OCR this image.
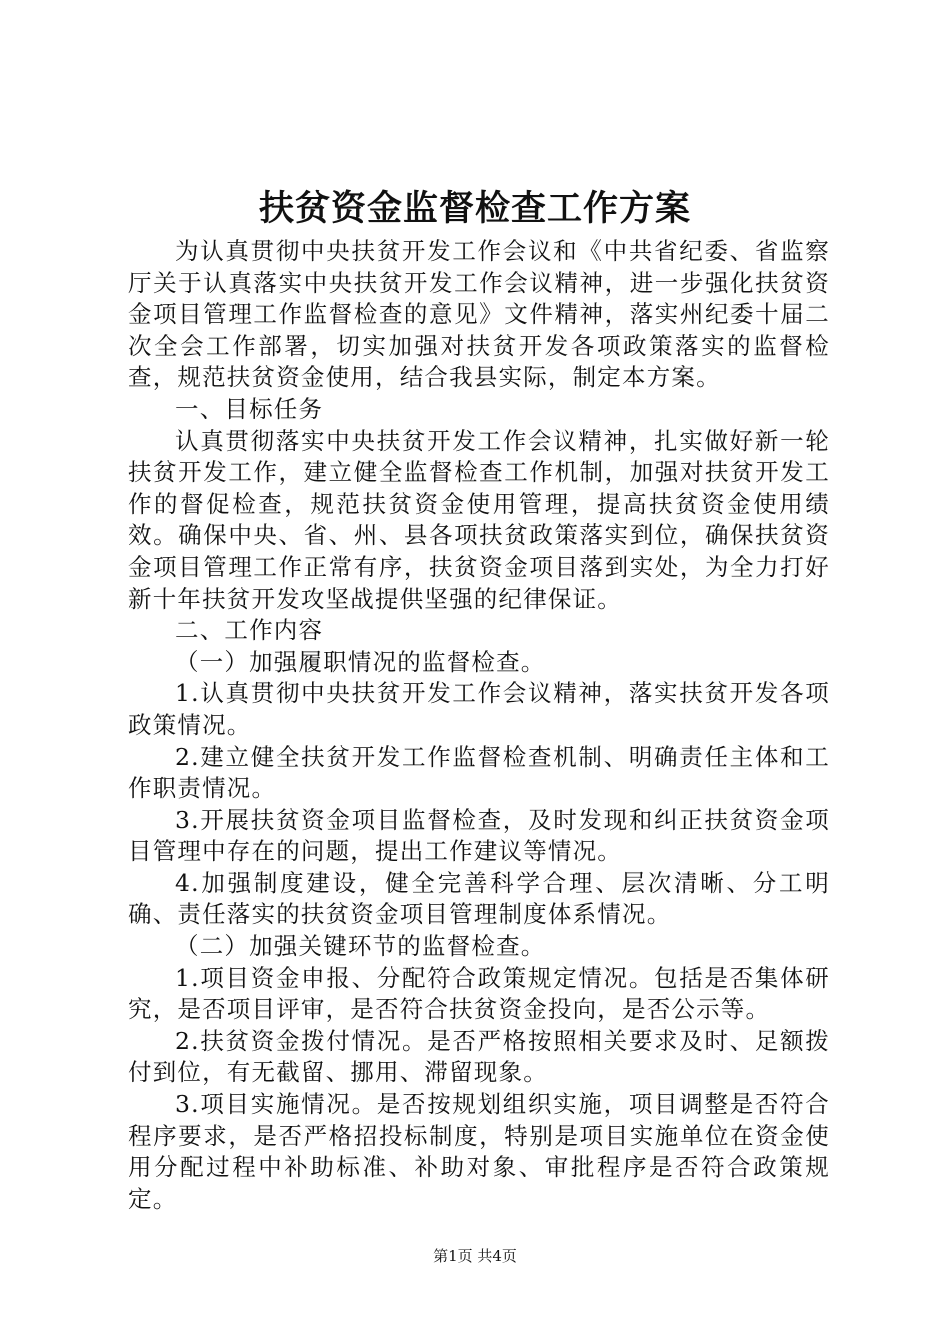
扶贫资金监督检查工作方案

为认真贯彻中央扶贫开发工作会议和《中共省纪委、省监察厅关于认真落实中央扶贫开发工作会议精神，进一步强化扶贫资金项目管理工作监督检查的意见》文件精神，落实州纪委十届二次全会工作部署，切实加强对扶贫开发各项政策落实的监督检查，规范扶贫资金使用，结合我县实际，制定本方案。

一、目标任务

认真贯彻落实中央扶贫开发工作会议精神，扎实做好新一轮扶贫开发工作，建立健全监督检查工作机制，加强对扶贫开发工作的督促检查，规范扶贫资金使用管理，提高扶贫资金使用绩效。确保中央、省、州、县各项扶贫政策落实到位，确保扶贫资金项目管理工作正常有序，扶贫资金项目落到实处，为全力打好新十年扶贫开发攻坚战提供坚强的纪律保证。

二、工作内容

（一）加强履职情况的监督检查。

1.认真贯彻中央扶贫开发工作会议精神，落实扶贫开发各项政策情况。

2.建立健全扶贫开发工作监督检查机制、明确责任主体和工作职责情况。

3.开展扶贫资金项目监督检查，及时发现和纠正扶贫资金项目管理中存在的问题，提出工作建议等情况。

4.加强制度建设，健全完善科学合理、层次清晰、分工明确、责任落实的扶贫资金项目管理制度体系情况。

（二）加强关键环节的监督检查。

1.项目资金申报、分配符合政策规定情况。包括是否集体研究，是否项目评审，是否符合扶贫资金投向，是否公示等。

2.扶贫资金拨付情况。是否严格按照相关要求及时、足额拨付到位，有无截留、挪用、滞留现象。

3.项目实施情况。是否按规划组织实施，项目调整是否符合程序要求，是否严格招投标制度，特别是项目实施单位在资金使用分配过程中补助标准、补助对象、审批程序是否符合政策规定。

第1页 共4页
